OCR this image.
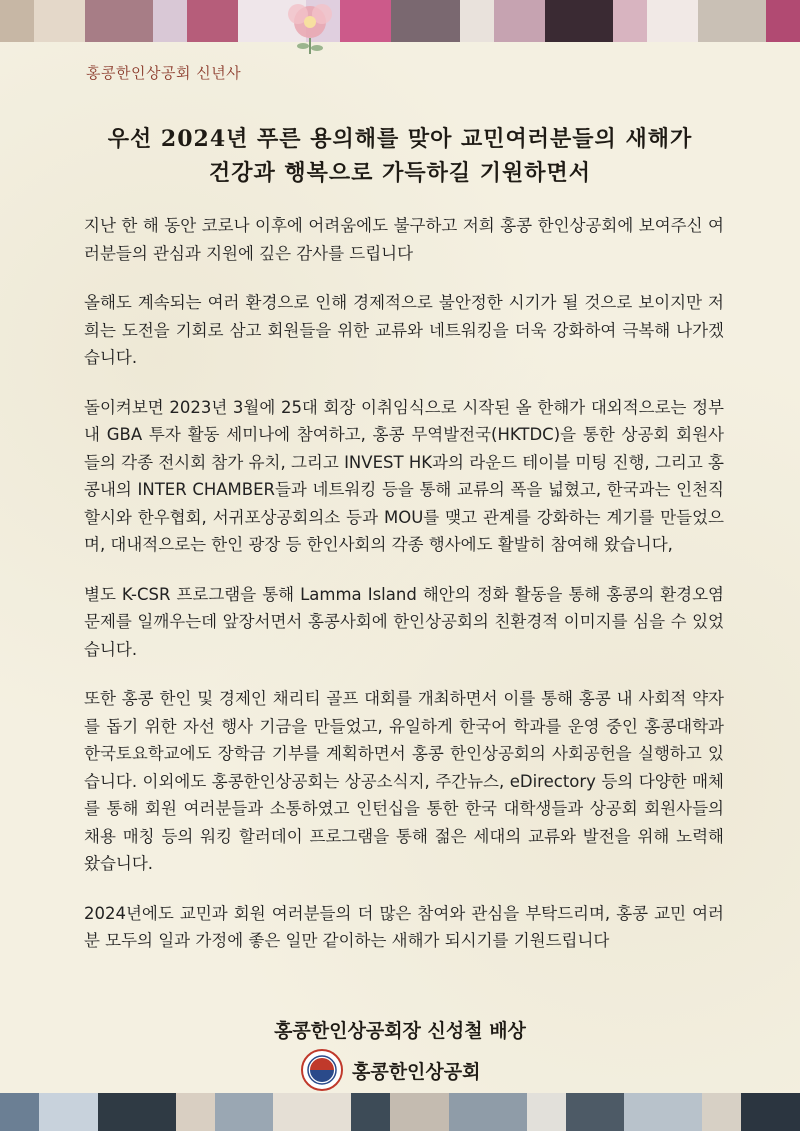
홍콩한인상공회 신년사
우선 2024년 푸른 용의해를 맞아 교민여러분들의 새해가
건강과 행복으로 가득하길 기원하면서

지난 한 해 동안 코로나 이후에 어려움에도 불구하고 저희 홍콩 한인상공회에 보여주신 여러분들의 관심과 지원에 깊은 감사를 드립니다

올해도 계속되는 여러 환경으로 인해 경제적으로 불안정한 시기가 될 것으로 보이지만 저희는 도전을 기회로 삼고 회원들을 위한 교류와 네트워킹을 더욱 강화하여 극복해 나가겠습니다.

돌이켜보면 2023년 3월에 25대 회장 이취임식으로 시작된 올 한해가 대외적으로는 정부내 GBA 투자 활동 세미나에 참여하고, 홍콩 무역발전국(HKTDC)을 통한 상공회 회원사들의 각종 전시회 참가 유치, 그리고 INVEST HK과의 라운드 테이블 미팅 진행, 그리고 홍콩내의 INTER CHAMBER들과 네트워킹 등을 통해 교류의 폭을 넓혔고, 한국과는 인천직할시와 한우협회, 서귀포상공회의소 등과 MOU를 맺고 관계를 강화하는 계기를 만들었으며, 대내적으로는 한인 광장 등 한인사회의 각종 행사에도 활발히 참여해 왔습니다,

별도 K-CSR 프로그램을 통해 Lamma Island 해안의 정화 활동을 통해 홍콩의 환경오염 문제를 일깨우는데 앞장서면서 홍콩사회에 한인상공회의 친환경적 이미지를 심을 수 있었습니다.

또한 홍콩 한인 및 경제인 채리티 골프 대회를 개최하면서 이를 통해 홍콩 내 사회적 약자를 돕기 위한 자선 행사 기금을 만들었고, 유일하게 한국어 학과를 운영 중인 홍콩대학과 한국토요학교에도 장학금 기부를 계획하면서 홍콩 한인상공회의 사회공헌을 실행하고 있습니다. 이외에도 홍콩한인상공회는 상공소식지, 주간뉴스, eDirectory 등의 다양한 매체를 통해 회원 여러분들과 소통하였고 인턴십을 통한 한국 대학생들과 상공회 회원사들의 채용 매칭 등의 워킹 할러데이 프로그램을 통해 젊은 세대의 교류와 발전을 위해 노력해 왔습니다.

2024년에도 교민과 회원 여러분들의 더 많은 참여와 관심을 부탁드리며, 홍콩 교민 여러분 모두의 일과 가정에 좋은 일만 같이하는 새해가 되시기를 기원드립니다

홍콩한인상공회장 신성철 배상
홍콩한인상공회
